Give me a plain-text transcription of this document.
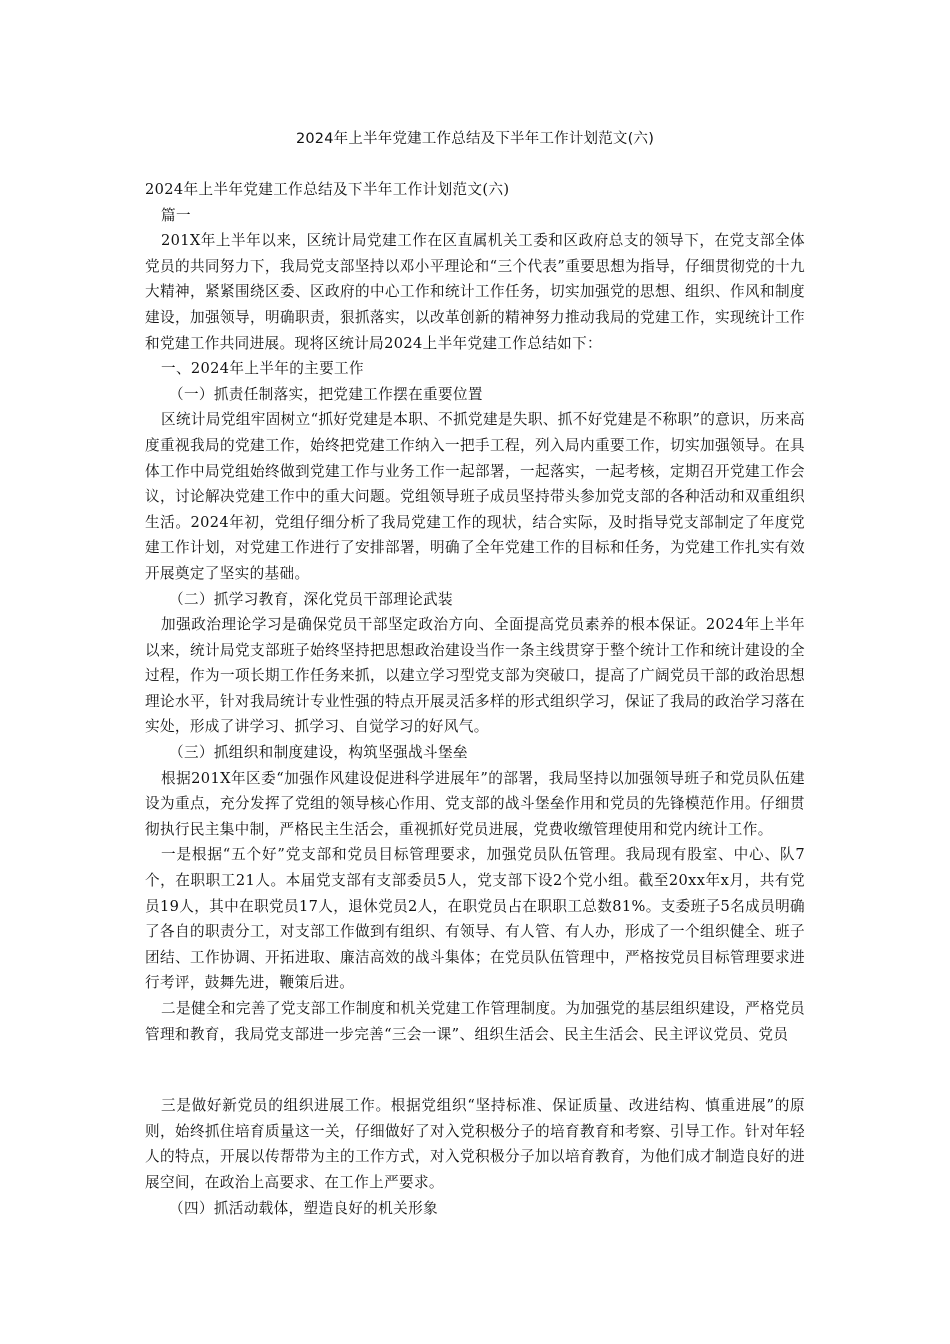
2024年上半年党建工作总结及下半年工作计划范文(六)

2024年上半年党建工作总结及下半年工作计划范文(六)

篇一

201X年上半年以来，区统计局党建工作在区直属机关工委和区政府总支的领导下，在党支部全体党员的共同努力下，我局党支部坚持以邓小平理论和“三个代表”重要思想为指导，仔细贯彻党的十九大精神，紧紧围绕区委、区政府的中心工作和统计工作任务，切实加强党的思想、组织、作风和制度建设，加强领导，明确职责，狠抓落实，以改革创新的精神努力推动我局的党建工作，实现统计工作和党建工作共同进展。现将区统计局2024上半年党建工作总结如下：

一、2024年上半年的主要工作

（一）抓责任制落实，把党建工作摆在重要位置

区统计局党组牢固树立“抓好党建是本职、不抓党建是失职、抓不好党建是不称职”的意识，历来高度重视我局的党建工作，始终把党建工作纳入一把手工程，列入局内重要工作，切实加强领导。在具体工作中局党组始终做到党建工作与业务工作一起部署，一起落实，一起考核，定期召开党建工作会议，讨论解决党建工作中的重大问题。党组领导班子成员坚持带头参加党支部的各种活动和双重组织生活。2024年初，党组仔细分析了我局党建工作的现状，结合实际，及时指导党支部制定了年度党建工作计划，对党建工作进行了安排部署，明确了全年党建工作的目标和任务，为党建工作扎实有效开展奠定了坚实的基础。

（二）抓学习教育，深化党员干部理论武装

加强政治理论学习是确保党员干部坚定政治方向、全面提高党员素养的根本保证。2024年上半年以来，统计局党支部班子始终坚持把思想政治建设当作一条主线贯穿于整个统计工作和统计建设的全过程，作为一项长期工作任务来抓，以建立学习型党支部为突破口，提高了广阔党员干部的政治思想理论水平，针对我局统计专业性强的特点开展灵活多样的形式组织学习，保证了我局的政治学习落在实处，形成了讲学习、抓学习、自觉学习的好风气。

（三）抓组织和制度建设，构筑坚强战斗堡垒

根据201X年区委“加强作风建设促进科学进展年”的部署，我局坚持以加强领导班子和党员队伍建设为重点，充分发挥了党组的领导核心作用、党支部的战斗堡垒作用和党员的先锋模范作用。仔细贯彻执行民主集中制，严格民主生活会，重视抓好党员进展，党费收缴管理使用和党内统计工作。

一是根据“五个好”党支部和党员目标管理要求，加强党员队伍管理。我局现有股室、中心、队7个，在职职工21人。本届党支部有支部委员5人，党支部下设2个党小组。截至20xx年x月，共有党员19人，其中在职党员17人，退休党员2人，在职党员占在职职工总数81%。支委班子5名成员明确了各自的职责分工，对支部工作做到有组织、有领导、有人管、有人办，形成了一个组织健全、班子团结、工作协调、开拓进取、廉洁高效的战斗集体；在党员队伍管理中，严格按党员目标管理要求进行考评，鼓舞先进，鞭策后进。

二是健全和完善了党支部工作制度和机关党建工作管理制度。为加强党的基层组织建设，严格党员管理和教育，我局党支部进一步完善“三会一课”、组织生活会、民主生活会、民主评议党员、党员

三是做好新党员的组织进展工作。根据党组织“坚持标准、保证质量、改进结构、慎重进展”的原则，始终抓住培育质量这一关，仔细做好了对入党积极分子的培育教育和考察、引导工作。针对年轻人的特点，开展以传帮带为主的工作方式，对入党积极分子加以培育教育，为他们成才制造良好的进展空间，在政治上高要求、在工作上严要求。

（四）抓活动载体，塑造良好的机关形象
